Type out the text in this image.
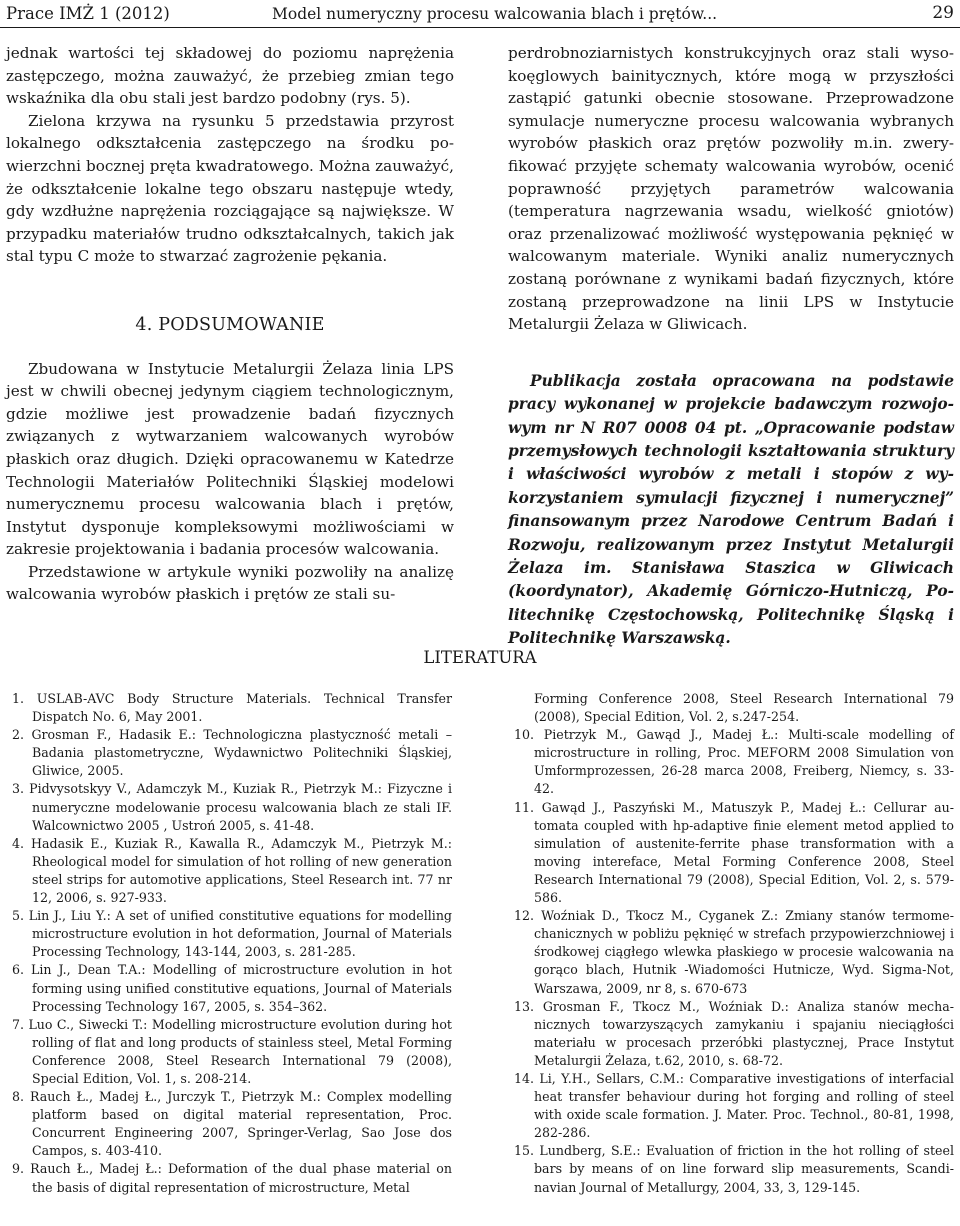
Prace IMŻ 1 (2012)	Model numeryczny procesu walcowania blach i prętów...	29

jednak wartości tej składowej do poziomu naprężenia zastępczego, można zauważyć, że przebieg zmian tego wskaźnika dla obu stali jest bardzo podobny (rys. 5).

Zielona krzywa na rysunku 5 przedstawia przyrost lokalnego odkształcenia zastępczego na środku powierzchni bocznej pręta kwadratowego. Można zauważyć, że odkształcenie lokalne tego obszaru następuje wtedy, gdy wzdłużne naprężenia rozciągające są największe. W przypadku materiałów trudno odkształcalnych, takich jak stal typu C może to stwarzać zagrożenie pękania.

4. PODSUMOWANIE

Zbudowana w Instytucie Metalurgii Żelaza linia LPS jest w chwili obecnej jedynym ciągiem technologicznym, gdzie możliwe jest prowadzenie badań fizycznych związanych z wytwarzaniem walcowanych wyrobów płaskich oraz długich. Dzięki opracowanemu w Katedrze Technologii Materiałów Politechniki Śląskiej modelowi numerycznemu procesu walcowania blach i prętów, Instytut dysponuje kompleksowymi możliwościami w zakresie projektowania i badania procesów walcowania.

Przedstawione w artykule wyniki pozwoliły na analizę walcowania wyrobów płaskich i prętów ze stali su-

perdrobnoziarnistych konstrukcyjnych oraz stali wysokoęglowych bainitycznych, które mogą w przyszłości zastąpić gatunki obecnie stosowane. Przeprowadzone symulacje numeryczne procesu walcowania wybranych wyrobów płaskich oraz prętów pozwoliły m.in. zweryfikować przyjęte schematy walcowania wyrobów, ocenić poprawność przyjętych parametrów walcowania (temperatura nagrzewania wsadu, wielkość gniotów) oraz przenalizować możliwość występowania pęknięć w walcowanym materiale. Wyniki analiz numerycznych zostaną porównane z wynikami badań fizycznych, które zostaną przeprowadzone na linii LPS w Instytucie Metalurgii Żelaza w Gliwicach.

Publikacja została opracowana na podstawie pracy wykonanej w projekcie badawczym rozwojowym nr N R07 0008 04 pt. „Opracowanie podstaw przemysłowych technologii kształtowania struktury i właściwości wyrobów z metali i stopów z wykorzystaniem symulacji fizycznej i numerycznej” finansowanym przez Narodowe Centrum Badań i Rozwoju, realizowanym przez Instytut Metalurgii Żelaza im. Stanisława Staszica w Gliwicach (koordynator), Akademię Górniczo-Hutniczą, Politechnikę Częstochowską, Politechnikę Śląską i Politechnikę Warszawską.

LITERATURA

1. USLAB-AVC Body Structure Materials. Technical Transfer Dispatch No. 6, May 2001.

2. Grosman F., Hadasik E.: Technologiczna plastyczność metali – Badania plastometryczne, Wydawnictwo Politechniki Śląskiej, Gliwice, 2005.

3. Pidvysotskyy V., Adamczyk M., Kuziak R., Pietrzyk M.: Fizyczne i numeryczne modelowanie procesu walcowania blach ze stali IF. Walcownictwo 2005 , Ustroń 2005, s. 41-48.

4. Hadasik E., Kuziak R., Kawalla R., Adamczyk M., Pietrzyk M.: Rheological model for simulation of hot rolling of new generation steel strips for automotive applications, Steel Research int. 77 nr 12, 2006, s. 927-933.

5. Lin J., Liu Y.: A set of unified constitutive equations for modelling microstructure evolution in hot deformation, Journal of Materials Processing Technology, 143-144, 2003, s. 281-285.

6. Lin J., Dean T.A.: Modelling of microstructure evolution in hot forming using unified constitutive equations, Journal of Materials Processing Technology 167, 2005, s. 354–362.

7. Luo C., Siwecki T.: Modelling microstructure evolution during hot rolling of flat and long products of stainless steel, Metal Forming Conference 2008, Steel Research International 79 (2008), Special Edition, Vol. 1, s. 208-214.

8. Rauch Ł., Madej Ł., Jurczyk T., Pietrzyk M.: Complex modelling platform based on digital material representation, Proc. Concurrent Engineering 2007, Springer-Verlag, Sao Jose dos Campos, s. 403-410.

9. Rauch Ł., Madej Ł.: Deformation of the dual phase material on the basis of digital representation of microstructure, Metal

Forming Conference 2008, Steel Research International 79 (2008), Special Edition, Vol. 2, s.247-254.

10. Pietrzyk M., Gawąd J., Madej Ł.: Multi-scale modelling of microstructure in rolling, Proc. MEFORM 2008 Simulation von Umformprozessen, 26-28 marca 2008, Freiberg, Niemcy, s. 33-42.

11. Gawąd J., Paszyński M., Matuszyk P., Madej Ł.: Cellurar automata coupled with hp-adaptive finie element metod applied to simulation of austenite-ferrite phase transformation with a moving intereface, Metal Forming Conference 2008, Steel Research International 79 (2008), Special Edition, Vol. 2, s. 579-586.

12. Woźniak D., Tkocz M., Cyganek Z.: Zmiany stanów termomechanicznych w pobliżu pęknięć w strefach przypowierzchniowej i środkowej ciągłego wlewka płaskiego w procesie walcowania na gorąco blach, Hutnik -Wiadomości Hutnicze, Wyd. Sigma-Not, Warszawa, 2009, nr 8, s. 670-673

13. Grosman F., Tkocz M., Woźniak D.: Analiza stanów mechanicznych towarzyszących zamykaniu i spajaniu nieciągłości materiału w procesach przeróbki plastycznej, Prace Instytut Metalurgii Żelaza, t.62, 2010, s. 68-72.

14. Li, Y.H., Sellars, C.M.: Comparative investigations of interfacial heat transfer behaviour during hot forging and rolling of steel with oxide scale formation. J. Mater. Proc. Technol., 80-81, 1998, 282-286.

15. Lundberg, S.E.: Evaluation of friction in the hot rolling of steel bars by means of on line forward slip measurements, Scandinavian Journal of Metallurgy, 2004, 33, 3, 129-145.
